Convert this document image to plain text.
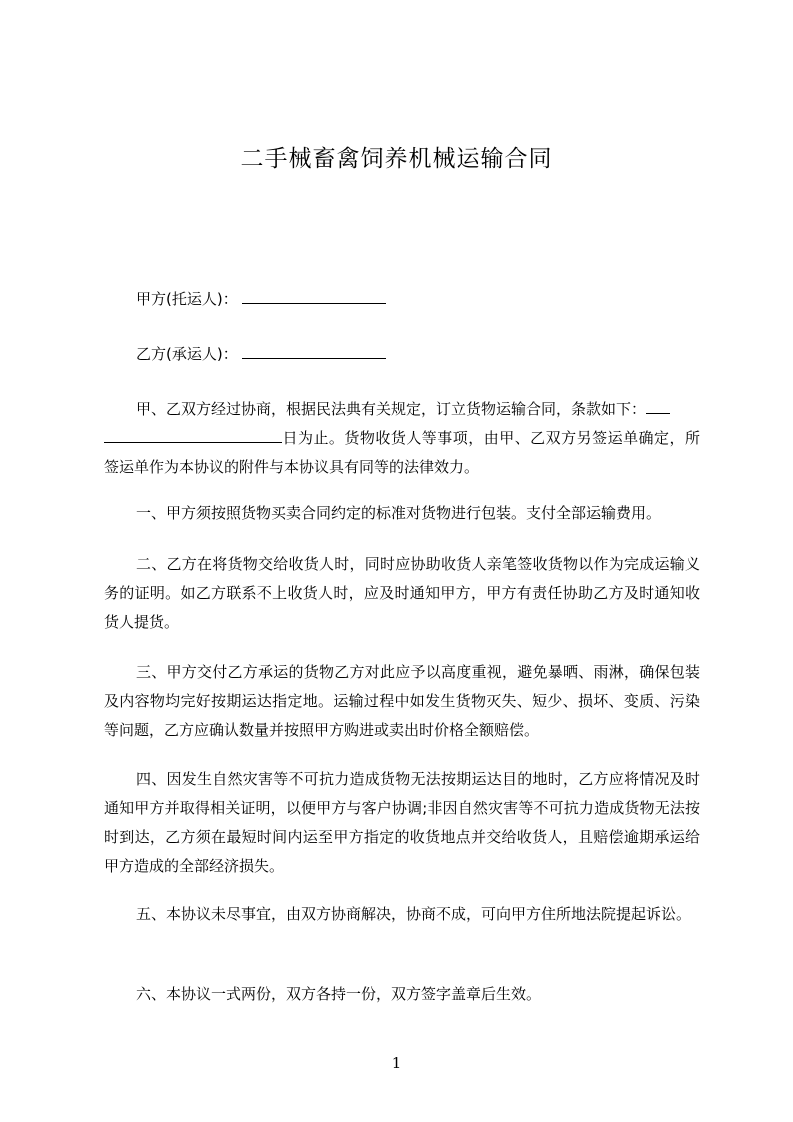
二手械畜禽饲养机械运输合同
甲方(托运人)：
乙方(承运人)：
甲、乙双方经过协商，根据民法典有关规定，订立货物运输合同，条款如下：
日为止。货物收货人等事项，由甲、乙双方另签运单确定，所签运单作为本协议的附件与本协议具有同等的法律效力。
一、甲方须按照货物买卖合同约定的标准对货物进行包装。支付全部运输费用。
二、乙方在将货物交给收货人时，同时应协助收货人亲笔签收货物以作为完成运输义务的证明。如乙方联系不上收货人时，应及时通知甲方，甲方有责任协助乙方及时通知收货人提货。
三、甲方交付乙方承运的货物乙方对此应予以高度重视，避免暴晒、雨淋，确保包装及内容物均完好按期运达指定地。运输过程中如发生货物灭失、短少、损坏、变质、污染等问题，乙方应确认数量并按照甲方购进或卖出时价格全额赔偿。
四、因发生自然灾害等不可抗力造成货物无法按期运达目的地时，乙方应将情况及时通知甲方并取得相关证明，以便甲方与客户协调;非因自然灾害等不可抗力造成货物无法按时到达，乙方须在最短时间内运至甲方指定的收货地点并交给收货人，且赔偿逾期承运给甲方造成的全部经济损失。
五、本协议未尽事宜，由双方协商解决，协商不成，可向甲方住所地法院提起诉讼。
六、本协议一式两份，双方各持一份，双方签字盖章后生效。
1
